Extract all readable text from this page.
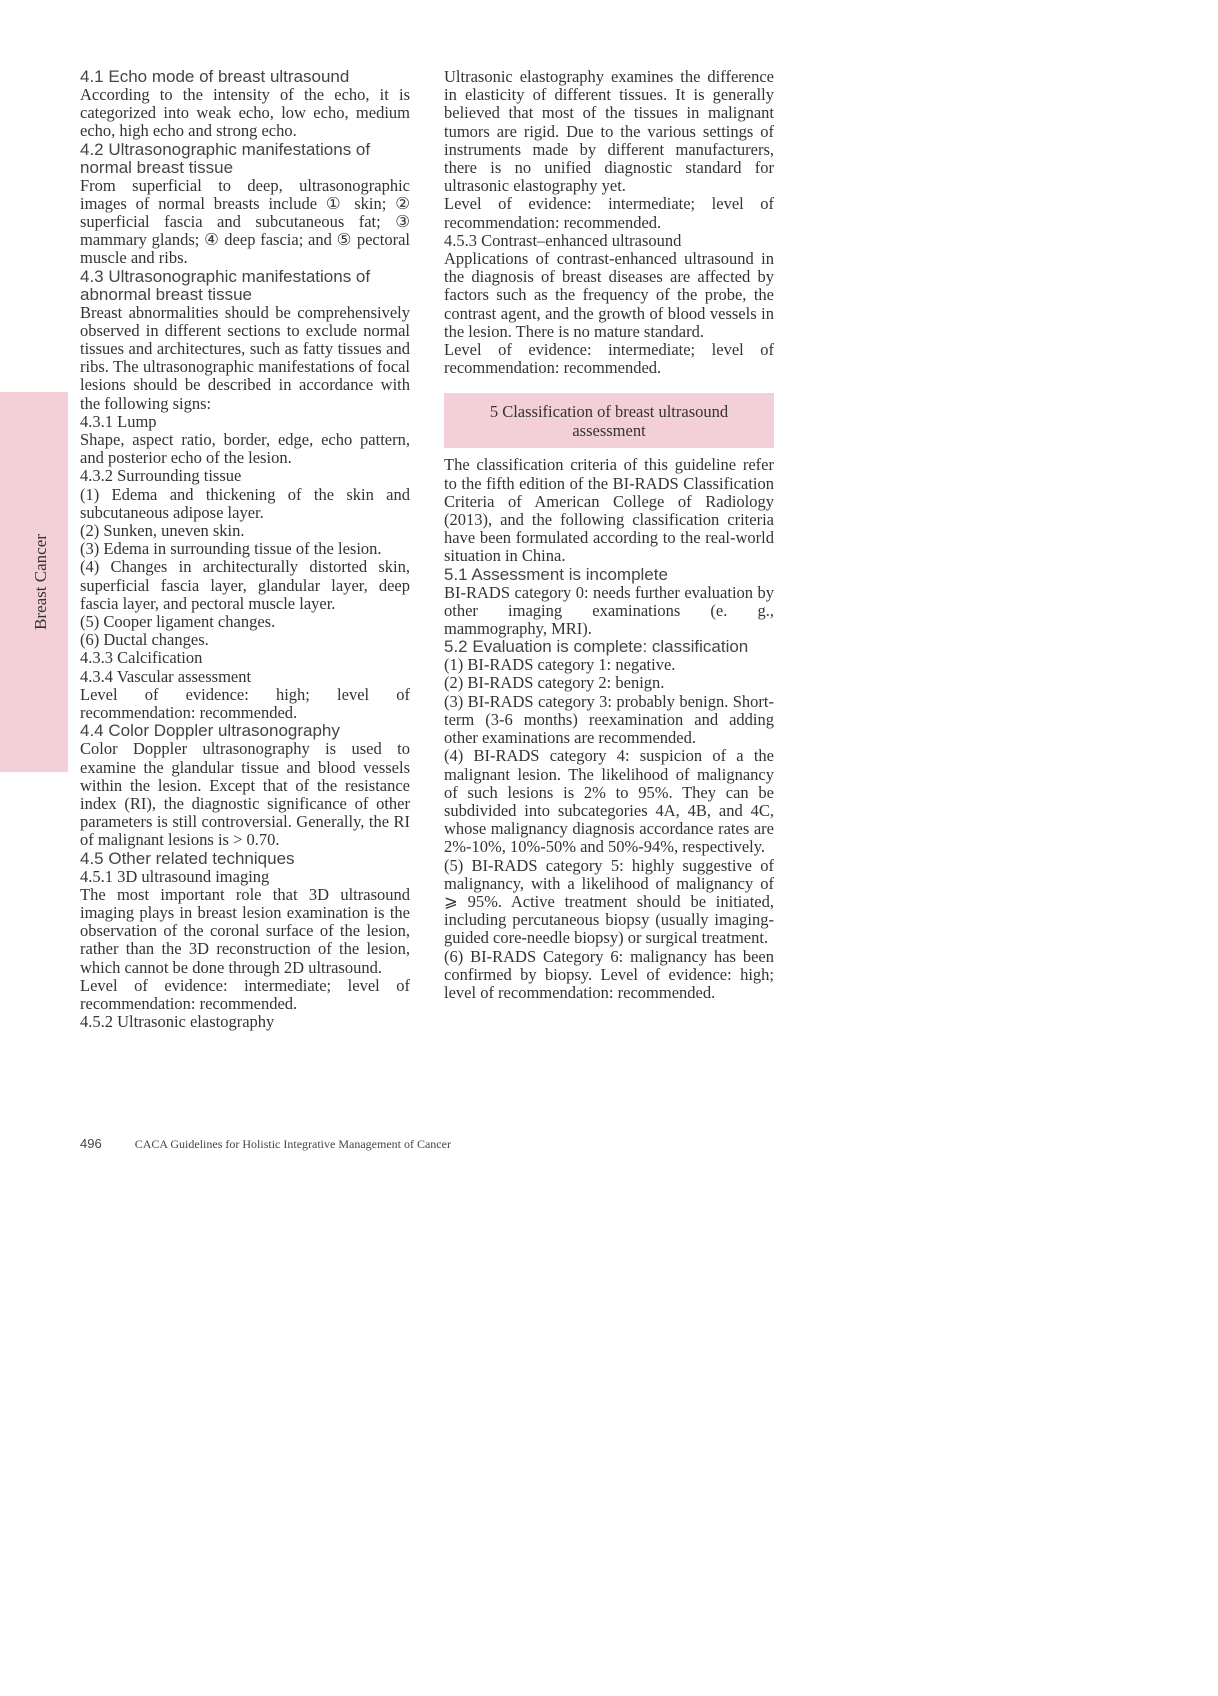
Breast Cancer
4.1 Echo mode of breast ultrasound

According to the intensity of the echo, it is categorized into weak echo, low echo, medium echo, high echo and strong echo.

4.2 Ultrasonographic manifestations of normal breast tissue

From superficial to deep, ultrasonographic images of normal breasts include ① skin; ② superficial fascia and subcutaneous fat; ③ mammary glands; ④ deep fascia; and ⑤ pectoral muscle and ribs.

4.3 Ultrasonographic manifestations of abnormal breast tissue

Breast abnormalities should be comprehensively observed in different sections to exclude normal tissues and architectures, such as fatty tissues and ribs. The ultrasonographic manifestations of focal lesions should be described in accordance with the following signs:

4.3.1 Lump

Shape, aspect ratio, border, edge, echo pattern, and posterior echo of the lesion.

4.3.2 Surrounding tissue

(1) Edema and thickening of the skin and subcutaneous adipose layer.

(2) Sunken, uneven skin.

(3) Edema in surrounding tissue of the lesion.

(4) Changes in architecturally distorted skin, superficial fascia layer, glandular layer, deep fascia layer, and pectoral muscle layer.

(5) Cooper ligament changes.

(6) Ductal changes.

4.3.3 Calcification

4.3.4 Vascular assessment

Level of evidence: high; level of recommendation: recommended.

4.4 Color Doppler ultrasonography

Color Doppler ultrasonography is used to examine the glandular tissue and blood vessels within the lesion. Except that of the resistance index (RI), the diagnostic significance of other parameters is still controversial. Generally, the RI of malignant lesions is > 0.70.

4.5 Other related techniques

4.5.1 3D ultrasound imaging

The most important role that 3D ultrasound imaging plays in breast lesion examination is the observation of the coronal surface of the lesion, rather than the 3D reconstruction of the lesion, which cannot be done through 2D ultrasound.

Level of evidence: intermediate; level of recommendation: recommended.

4.5.2 Ultrasonic elastography

Ultrasonic elastography examines the difference in elasticity of different tissues. It is generally believed that most of the tissues in malignant tumors are rigid. Due to the various settings of instruments made by different manufacturers, there is no unified diagnostic standard for ultrasonic elastography yet.

Level of evidence: intermediate; level of recommendation: recommended.

4.5.3 Contrast–enhanced ultrasound

Applications of contrast-enhanced ultrasound in the diagnosis of breast diseases are affected by factors such as the frequency of the probe, the contrast agent, and the growth of blood vessels in the lesion. There is no mature standard.

Level of evidence: intermediate; level of recommendation: recommended.

5 Classification of breast ultrasound assessment

The classification criteria of this guideline refer to the fifth edition of the BI-RADS Classification Criteria of American College of Radiology (2013), and the following classification criteria have been formulated according to the real-world situation in China.

5.1 Assessment is incomplete

BI-RADS category 0: needs further evaluation by other imaging examinations (e. g., mammography, MRI).

5.2 Evaluation is complete: classification

(1) BI-RADS category 1: negative.

(2) BI-RADS category 2: benign.

(3) BI-RADS category 3: probably benign. Short-term (3-6 months) reexamination and adding other examinations are recommended.

(4) BI-RADS category 4: suspicion of a the malignant lesion. The likelihood of malignancy of such lesions is 2% to 95%. They can be subdivided into subcategories 4A, 4B, and 4C, whose malignancy diagnosis accordance rates are 2%-10%, 10%-50% and 50%-94%, respectively.

(5) BI-RADS category 5: highly suggestive of malignancy, with a likelihood of malignancy of ⩾ 95%. Active treatment should be initiated, including percutaneous biopsy (usually imaging-guided core-needle biopsy) or surgical treatment.

(6) BI-RADS Category 6: malignancy has been confirmed by biopsy. Level of evidence: high; level of recommendation: recommended.

496	CACA Guidelines for Holistic Integrative Management of Cancer
